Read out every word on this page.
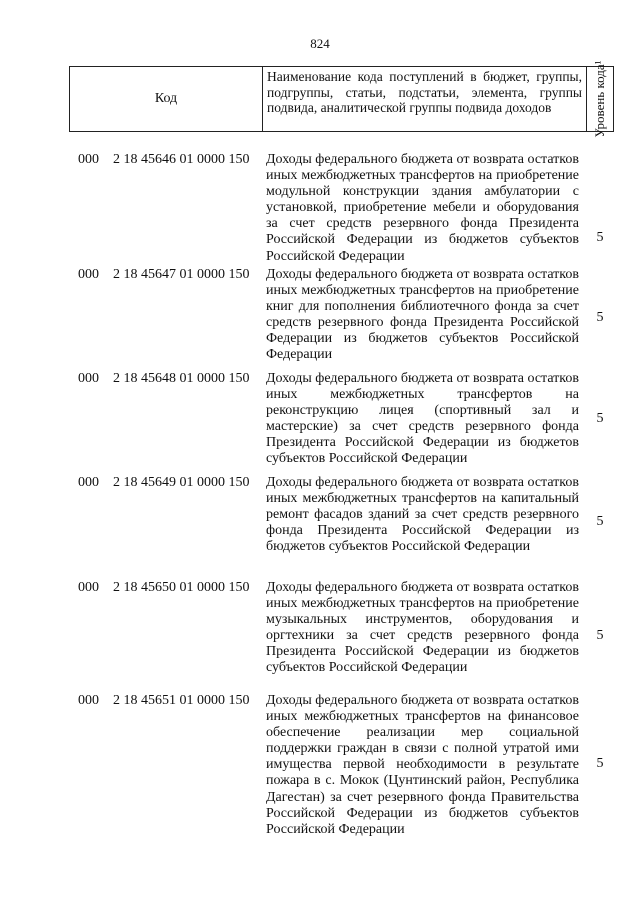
824
Код
Наименование кода поступлений в бюджет, группы, подгруппы, статьи, подстатьи, элемента, группы подвида, аналитической группы подвида доходов	Уровень кода¹
000 2 18 45646 01 0000 150 Доходы федерального бюджета от возврата остатков иных межбюджетных трансфертов на приобретение модульной конструкции здания амбулатории с установкой, приобретение мебели и оборудования за счет средств резервного фонда Президента Российской Федерации из бюджетов субъектов Российской Федерации
5
000 2 18 45647 01 0000 150 Доходы федерального бюджета от возврата остатков иных межбюджетных трансфертов на приобретение книг для пополнения библиотечного фонда за счет средств резервного фонда Президента Российской Федерации из бюджетов субъектов Российской Федерации
5
000 2 18 45648 01 0000 150 Доходы федерального бюджета от возврата остатков иных межбюджетных трансфертов на реконструкцию лицея (спортивный зал и мастерские) за счет средств резервного фонда Президента Российской Федерации из бюджетов субъектов Российской Федерации
5
000 2 18 45649 01 0000 150 Доходы федерального бюджета от возврата остатков иных межбюджетных трансфертов на капитальный ремонт фасадов зданий за счет средств резервного фонда Президента Российской Федерации из бюджетов субъектов Российской Федерации
5
000 2 18 45650 01 0000 150 Доходы федерального бюджета от возврата остатков иных межбюджетных трансфертов на приобретение музыкальных инструментов, оборудования и оргтехники за счет средств резервного фонда Президента Российской Федерации из бюджетов субъектов Российской Федерации
5
000 2 18 45651 01 0000 150 Доходы федерального бюджета от возврата остатков иных межбюджетных трансфертов на финансовое обеспечение реализации мер социальной поддержки граждан в связи с полной утратой ими имущества первой необходимости в результате пожара в с. Мокок (Цунтинский район, Республика Дагестан) за счет резервного фонда Правительства Российской Федерации из бюджетов субъектов Российской Федерации
5
